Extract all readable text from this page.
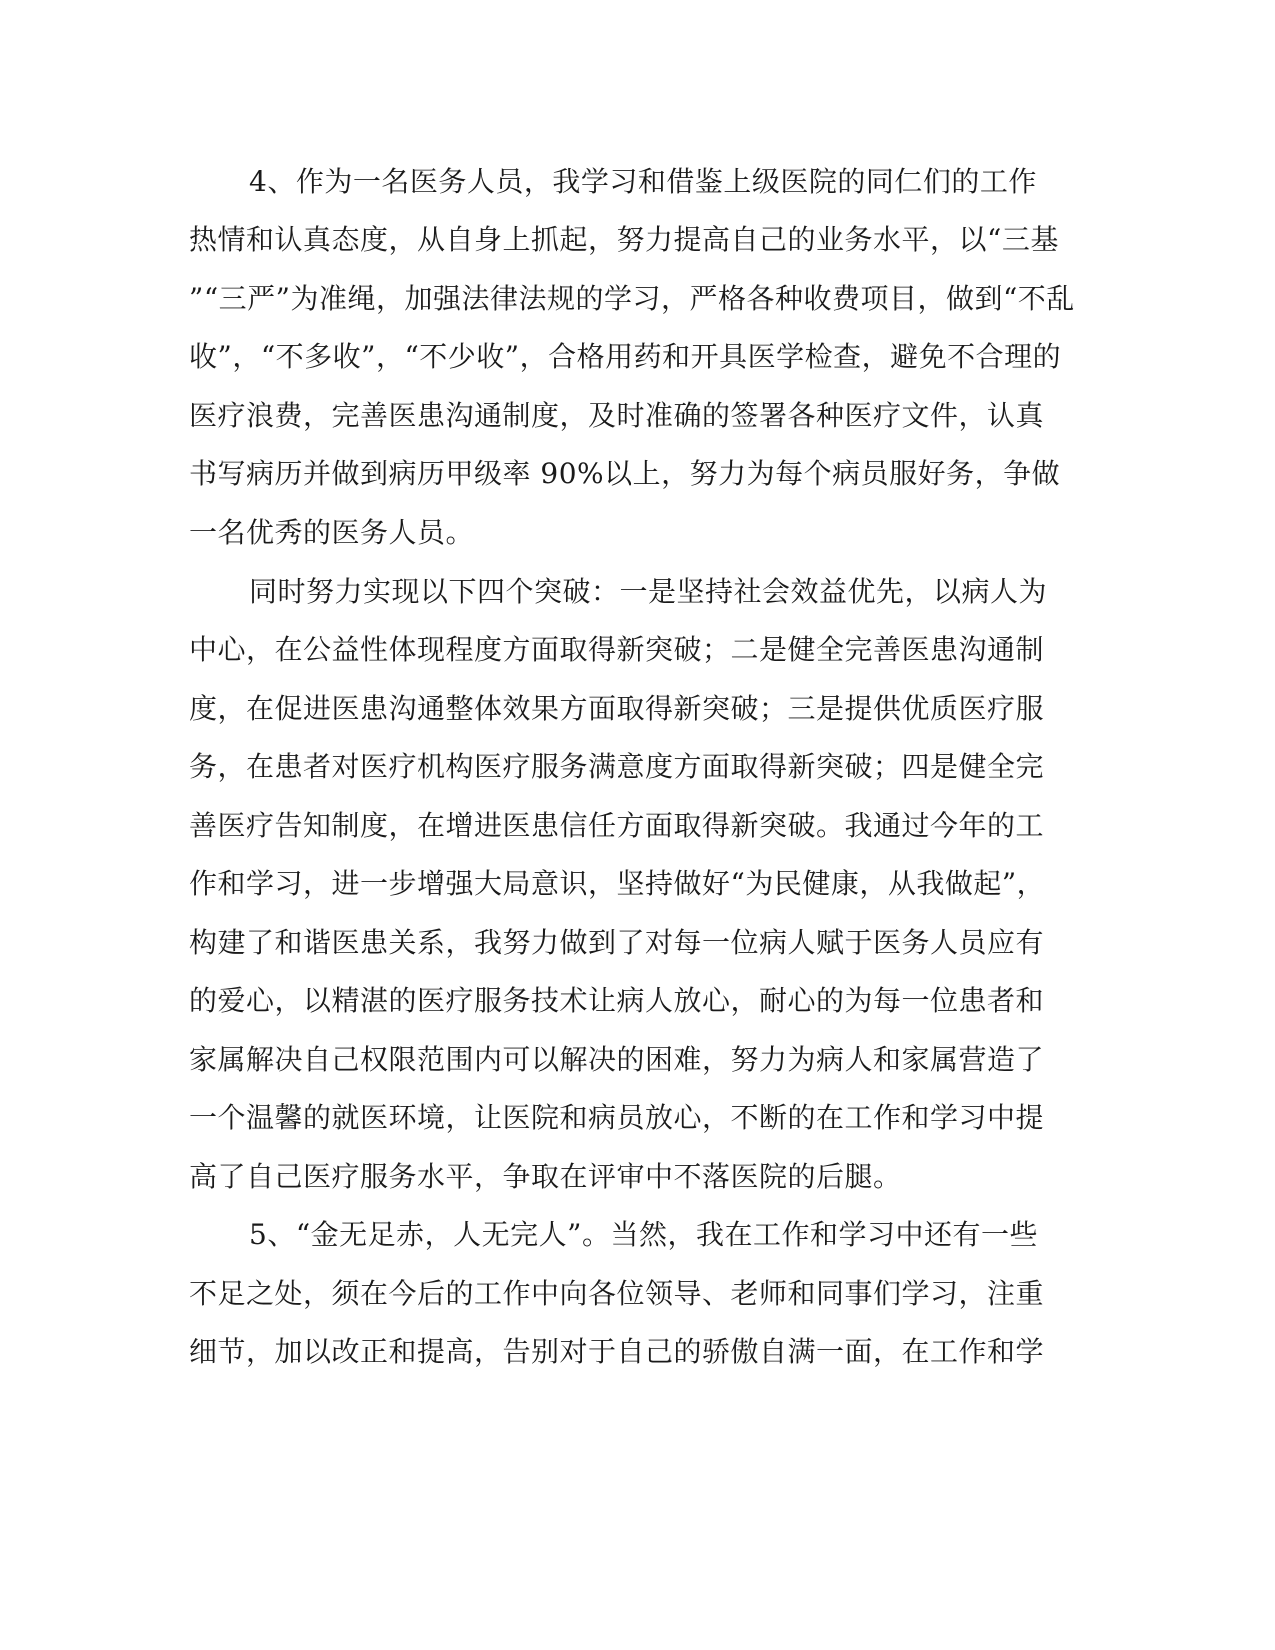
4、作为一名医务人员，我学习和借鉴上级医院的同仁们的工作
热情和认真态度，从自身上抓起，努力提高自己的业务水平，以“三基
”“三严”为准绳，加强法律法规的学习，严格各种收费项目，做到“不乱
收”，“不多收”，“不少收”，合格用药和开具医学检查，避免不合理的
医疗浪费，完善医患沟通制度，及时准确的签署各种医疗文件，认真
书写病历并做到病历甲级率 90%以上，努力为每个病员服好务，争做
一名优秀的医务人员。
同时努力实现以下四个突破：一是坚持社会效益优先，以病人为
中心，在公益性体现程度方面取得新突破；二是健全完善医患沟通制
度，在促进医患沟通整体效果方面取得新突破；三是提供优质医疗服
务，在患者对医疗机构医疗服务满意度方面取得新突破；四是健全完
善医疗告知制度，在增进医患信任方面取得新突破。我通过今年的工
作和学习，进一步增强大局意识，坚持做好“为民健康，从我做起”，
构建了和谐医患关系，我努力做到了对每一位病人赋于医务人员应有
的爱心，以精湛的医疗服务技术让病人放心，耐心的为每一位患者和
家属解决自己权限范围内可以解决的困难，努力为病人和家属营造了
一个温馨的就医环境，让医院和病员放心，不断的在工作和学习中提
高了自己医疗服务水平，争取在评审中不落医院的后腿。
5、“金无足赤，人无完人”。当然，我在工作和学习中还有一些
不足之处，须在今后的工作中向各位领导、老师和同事们学习，注重
细节，加以改正和提高，告别对于自己的骄傲自满一面，在工作和学
